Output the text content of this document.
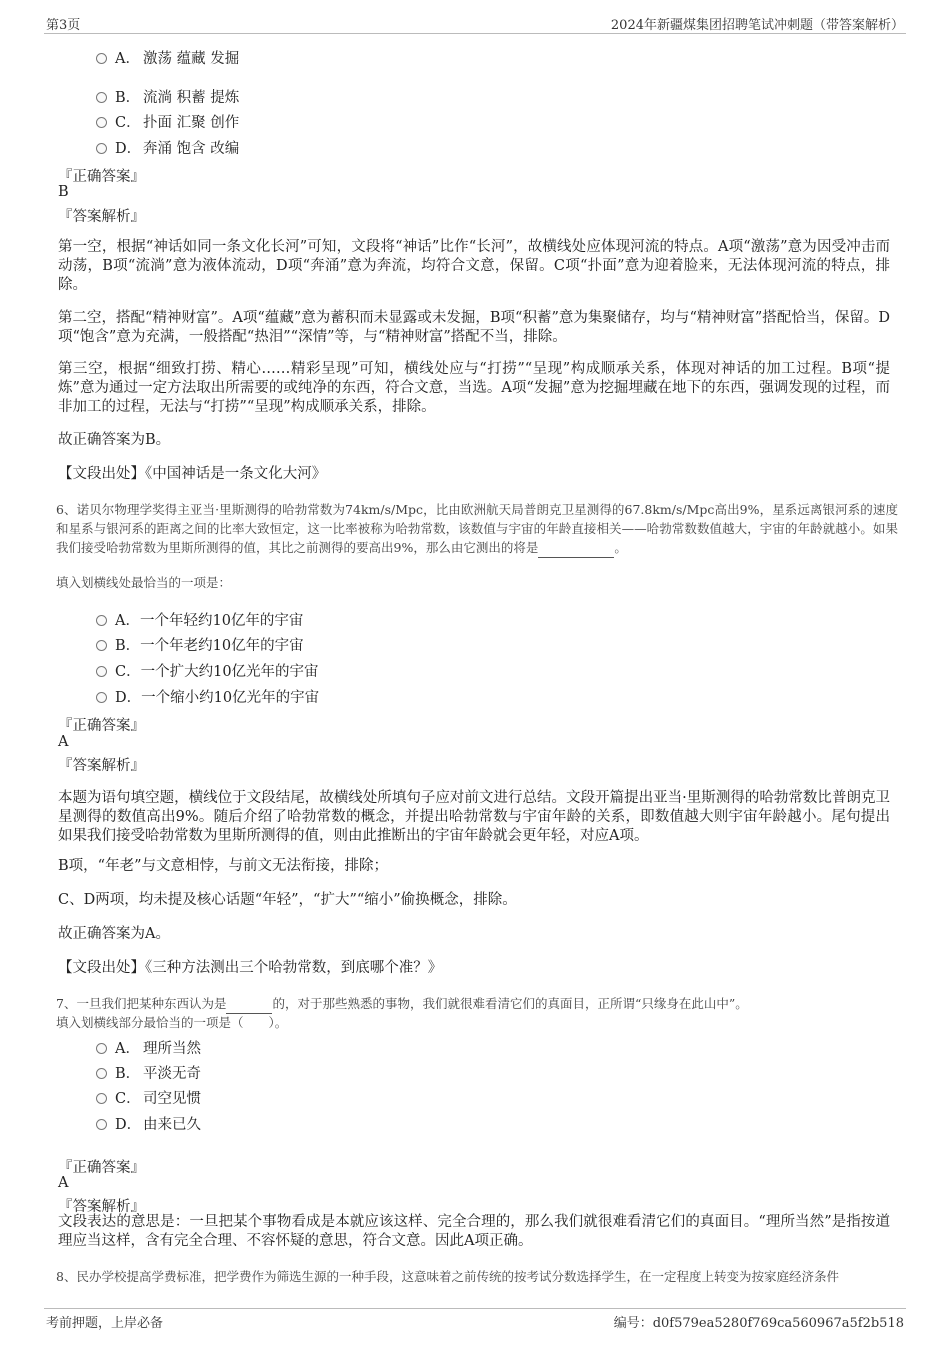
第3页	2024年新疆煤集团招聘笔试冲刺题（带答案解析）
A． 激荡 蕴藏 发掘
B． 流淌 积蓄 提炼
C． 扑面 汇聚 创作
D． 奔涌 饱含 改编
『正确答案』
B
『答案解析』
第一空，根据“神话如同一条文化长河”可知，文段将“神话”比作“长河”，故横线处应体现河流的特点。A项“激荡”意为因受冲击而动荡，B项“流淌”意为液体流动，D项“奔涌”意为奔流，均符合文意，保留。C项“扑面”意为迎着脸来，无法体现河流的特点，排除。
第二空，搭配“精神财富”。A项“蕴藏”意为蓄积而未显露或未发掘，B项“积蓄”意为集聚储存，均与“精神财富”搭配恰当，保留。D项“饱含”意为充满，一般搭配“热泪”“深情”等，与“精神财富”搭配不当，排除。
第三空，根据“细致打捞、精心……精彩呈现”可知，横线处应与“打捞”“呈现”构成顺承关系，体现对神话的加工过程。B项“提炼”意为通过一定方法取出所需要的或纯净的东西，符合文意，当选。A项“发掘”意为挖掘埋藏在地下的东西，强调发现的过程，而非加工的过程，无法与“打捞”“呈现”构成顺承关系，排除。
故正确答案为B。
【文段出处】《中国神话是一条文化大河》
6、诺贝尔物理学奖得主亚当·里斯测得的哈勃常数为74km/s/Mpc，比由欧洲航天局普朗克卫星测得的67.8km/s/Mpc高出9%，星系远离银河系的速度和星系与银河系的距离之间的比率大致恒定，这一比率被称为哈勃常数，该数值与宇宙的年龄直接相关——哈勃常数数值越大，宇宙的年龄就越小。如果我们接受哈勃常数为里斯所测得的值，其比之前测得的要高出9%，那么由它测出的将是	。
填入划横线处最恰当的一项是：
A．一个年轻约10亿年的宇宙
B．一个年老约10亿年的宇宙
C．一个扩大约10亿光年的宇宙
D．一个缩小约10亿光年的宇宙
『正确答案』
A
『答案解析』
本题为语句填空题，横线位于文段结尾，故横线处所填句子应对前文进行总结。文段开篇提出亚当·里斯测得的哈勃常数比普朗克卫星测得的数值高出9%。随后介绍了哈勃常数的概念，并提出哈勃常数与宇宙年龄的关系，即数值越大则宇宙年龄越小。尾句提出如果我们接受哈勃常数为里斯所测得的值，则由此推断出的宇宙年龄就会更年轻，对应A项。
B项，“年老”与文意相悖，与前文无法衔接，排除；
C、D两项，均未提及核心话题“年轻”，“扩大”“缩小”偷换概念，排除。
故正确答案为A。
【文段出处】《三种方法测出三个哈勃常数，到底哪个准？》
7、一旦我们把某种东西认为是	的，对于那些熟悉的事物，我们就很难看清它们的真面目，正所谓“只缘身在此山中”。
填入划横线部分最恰当的一项是（　　）。
A． 理所当然
B． 平淡无奇
C． 司空见惯
D． 由来已久
『正确答案』
A
『答案解析』
文段表达的意思是：一旦把某个事物看成是本就应该这样、完全合理的，那么我们就很难看清它们的真面目。“理所当然”是指按道理应当这样，含有完全合理、不容怀疑的意思，符合文意。因此A项正确。
8、民办学校提高学费标准，把学费作为筛选生源的一种手段，这意味着之前传统的按考试分数选择学生，在一定程度上转变为按家庭经济条件
考前押题，上岸必备	编号：d0f579ea5280f769ca560967a5f2b518
